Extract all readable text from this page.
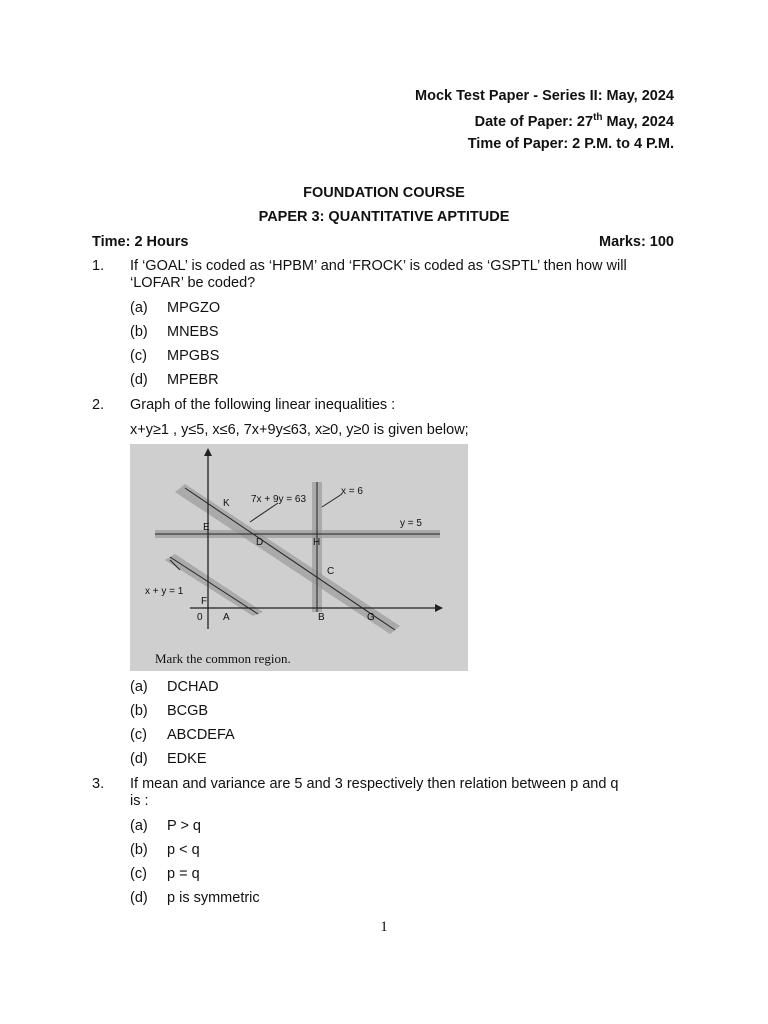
Mock Test Paper - Series II: May, 2024
Date of Paper: 27th May, 2024
Time of Paper: 2 P.M. to 4 P.M.
FOUNDATION COURSE
PAPER 3: QUANTITATIVE APTITUDE
Time: 2 Hours	Marks: 100
1. If ‘GOAL’ is coded as ‘HPBM’ and ‘FROCK’ is coded as ‘GSPTL’ then how will
‘LOFAR’ be coded?
(a) MPGZO
(b) MNEBS
(c) MPGBS
(d) MPEBR
2. Graph of the following linear inequalities :
x+y≥1 , y≤5, x≤6, 7x+9y≤63, x≥0, y≥0 is given below;
K
E
D	H
C
F
0 A	B	G
7x + 9y = 63
x = 6
y = 5
x + y = 1
Mark the common region.
(a) DCHAD
(b) BCGB
(c) ABCDEFA
(d) EDKE
3. If mean and variance are 5 and 3 respectively then relation between p and q
is :
(a) P > q
(b) p < q
(c) p = q
(d) p is symmetric
1
